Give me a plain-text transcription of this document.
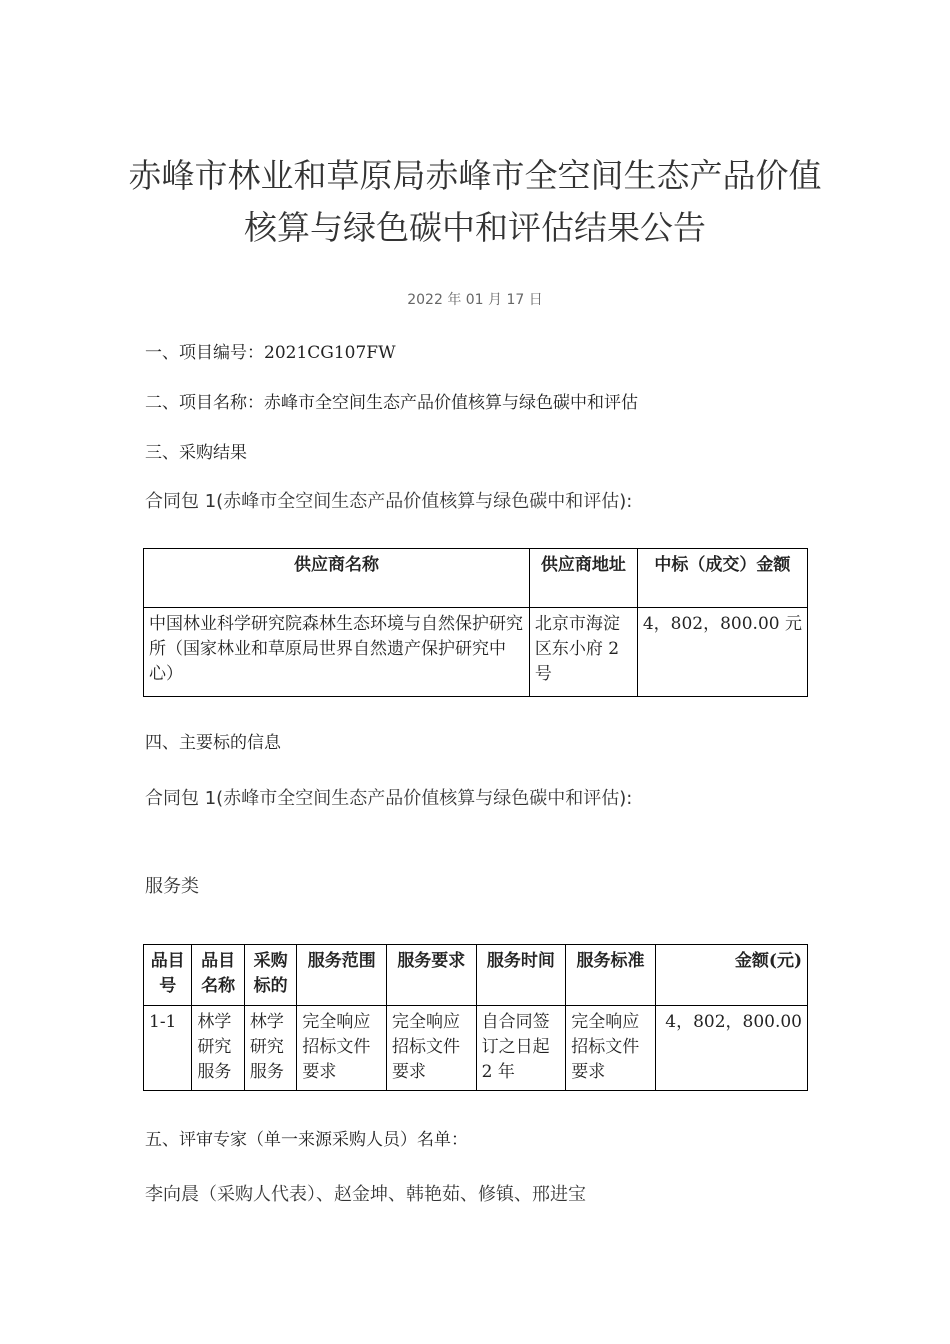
赤峰市林业和草原局赤峰市全空间生态产品价值
核算与绿色碳中和评估结果公告
2022 年 01 月 17 日
一、项目编号：2021CG107FW
二、项目名称：赤峰市全空间生态产品价值核算与绿色碳中和评估
三、采购结果
合同包 1(赤峰市全空间生态产品价值核算与绿色碳中和评估):
供应商名称	供应商地址	中标（成交）金额
中国林业科学研究院森林生态环境与自然保护研究所（国家林业和草原局世界自然遗产保护研究中心）	北京市海淀区东小府 2 号	4，802，800.00 元
四、主要标的信息
合同包 1(赤峰市全空间生态产品价值核算与绿色碳中和评估):
服务类
品目号	品目名称	采购标的	服务范围	服务要求	服务时间	服务标准	金额(元)
1-1	林学研究服务	林学研究服务	完全响应招标文件要求	完全响应招标文件要求	自合同签订之日起 2 年	完全响应招标文件要求	4，802，800.00
五、评审专家（单一来源采购人员）名单：
李向晨（采购人代表）、赵金坤、韩艳茹、修镇、邢进宝
